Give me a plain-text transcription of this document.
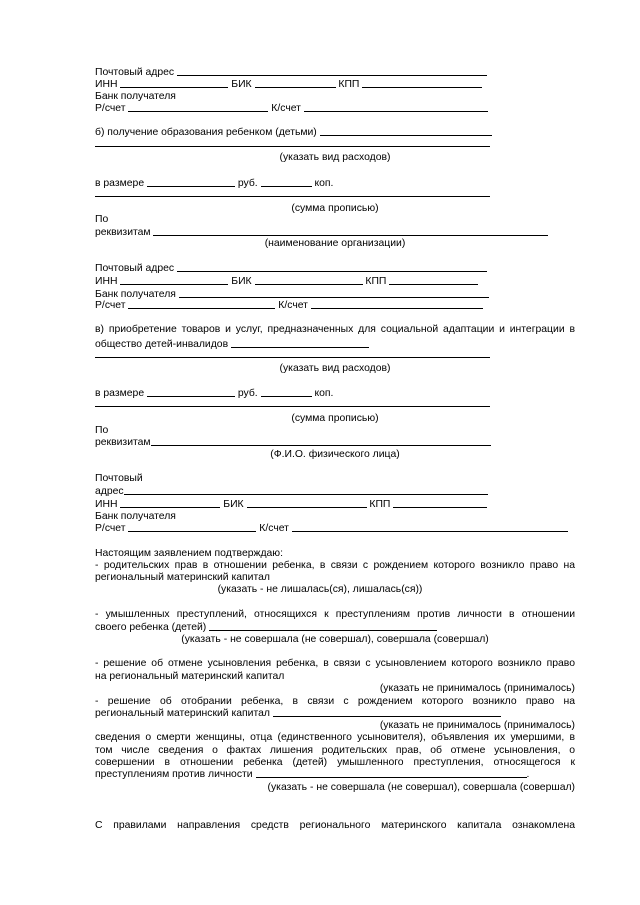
Почтовый адрес
ИНН	БИК	КПП
Банк получателя
Р/счет	К/счет
б) получение образования ребенком (детьми)
(указать вид расходов)
в размере	руб.	коп.
(сумма прописью)
По
реквизитам
(наименование организации)
Почтовый адрес
ИНН	БИК	КПП
Банк получателя
Р/счет	К/счет
в) приобретение товаров и услуг, предназначенных для социальной адаптации и интеграции в
общество детей-инвалидов
(указать вид расходов)
в размере	руб.	коп.
(сумма прописью)
По
реквизитам
(Ф.И.О. физического лица)
Почтовый
адрес
ИНН	БИК	КПП
Банк получателя
Р/счет	К/счет
Настоящим заявлением подтверждаю:
- родительских прав в отношении ребенка, в связи с рождением которого возникло право на
региональный материнский капитал
(указать - не лишалась(ся), лишалась(ся))
- умышленных преступлений, относящихся к преступлениям против личности в отношении
своего ребенка (детей)
(указать - не совершала (не совершал), совершала (совершал)
- решение об отмене усыновления ребенка, в связи с усыновлением которого возникло право
на региональный материнский капитал
(указать не принималось (принималось)
- решение об отобрании ребенка, в связи с рождением которого возникло право на
региональный материнский капитал
(указать не принималось (принималось)
сведения о смерти женщины, отца (единственного усыновителя), объявления их умершими, в
том числе сведения о фактах лишения родительских прав, об отмене усыновления, о
совершении в отношении ребенка (детей) умышленного преступления, относящегося к
преступлениям против личности	.
(указать - не совершала (не совершал), совершала (совершал)
С правилами направления средств регионального материнского капитала ознакомлена
